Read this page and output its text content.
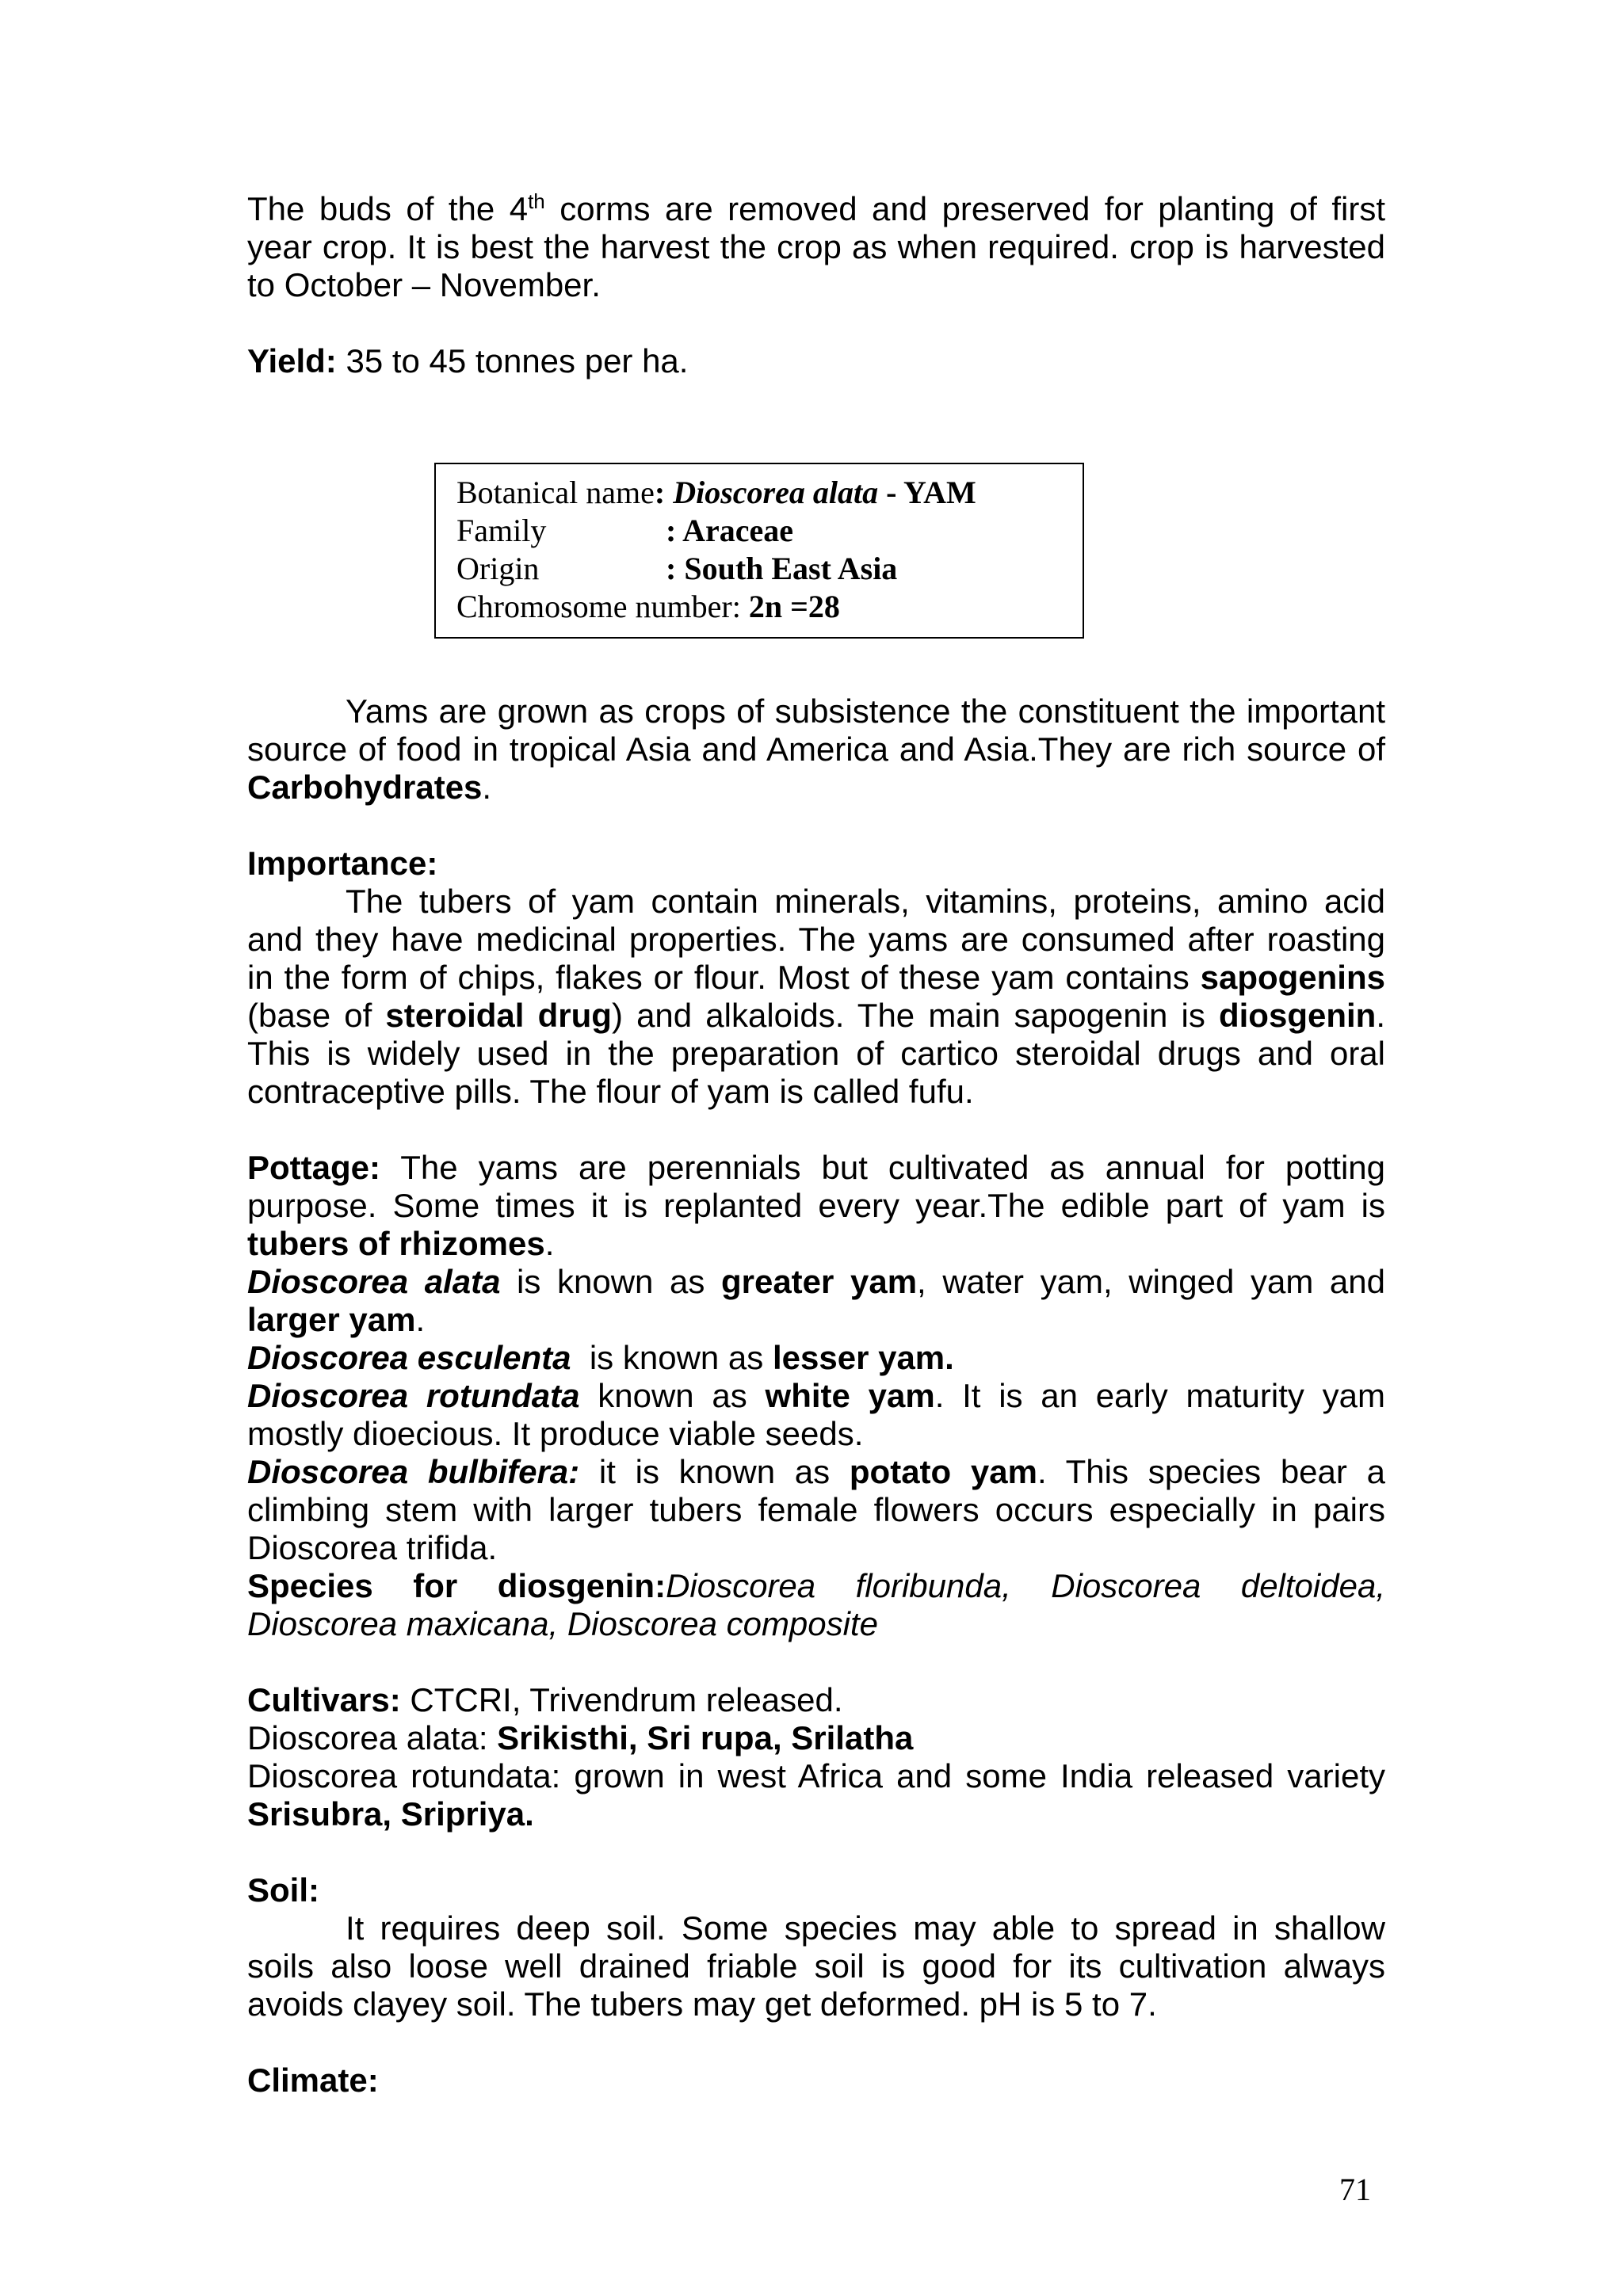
The buds of the 4th corms are removed and preserved for planting of first year crop. It is best the harvest the crop as when required. crop is harvested to October – November.

Yield: 35 to 45 tonnes per ha.

Botanical name: Dioscorea alata - YAM
Family	: Araceae
Origin	: South East Asia
Chromosome number: 2n =28

Yams are grown as crops of subsistence the constituent the important source of food in tropical Asia and America and Asia.They are rich source of Carbohydrates.

Importance:

The tubers of yam contain minerals, vitamins, proteins, amino acid and they have medicinal properties. The yams are consumed after roasting in the form of chips, flakes or flour. Most of these yam contains sapogenins (base of steroidal drug) and alkaloids. The main sapogenin is diosgenin. This is widely used in the preparation of cartico steroidal drugs and oral contraceptive pills. The flour of yam is called fufu.

Pottage: The yams are perennials but cultivated as annual for potting purpose. Some times it is replanted every year.The edible part of yam is tubers of rhizomes.

Dioscorea alata is known as greater yam, water yam, winged yam and larger yam.

Dioscorea esculenta  is known as lesser yam.

Dioscorea rotundata known as white yam. It is an early maturity yam mostly dioecious. It produce viable seeds.

Dioscorea bulbifera: it is known as potato yam. This species bear a climbing stem with larger tubers female flowers occurs especially in pairs Dioscorea trifida.

Species for diosgenin:Dioscorea floribunda, Dioscorea deltoidea, Dioscorea maxicana, Dioscorea composite

Cultivars: CTCRI, Trivendrum released.

Dioscorea alata: Srikisthi, Sri rupa, Srilatha

Dioscorea rotundata: grown in west Africa and some India released variety Srisubra, Sripriya.

Soil:

It requires deep soil. Some species may able to spread in shallow soils also loose well drained friable soil is good for its cultivation always avoids clayey soil. The tubers may get deformed. pH is 5 to 7.

Climate:

71
